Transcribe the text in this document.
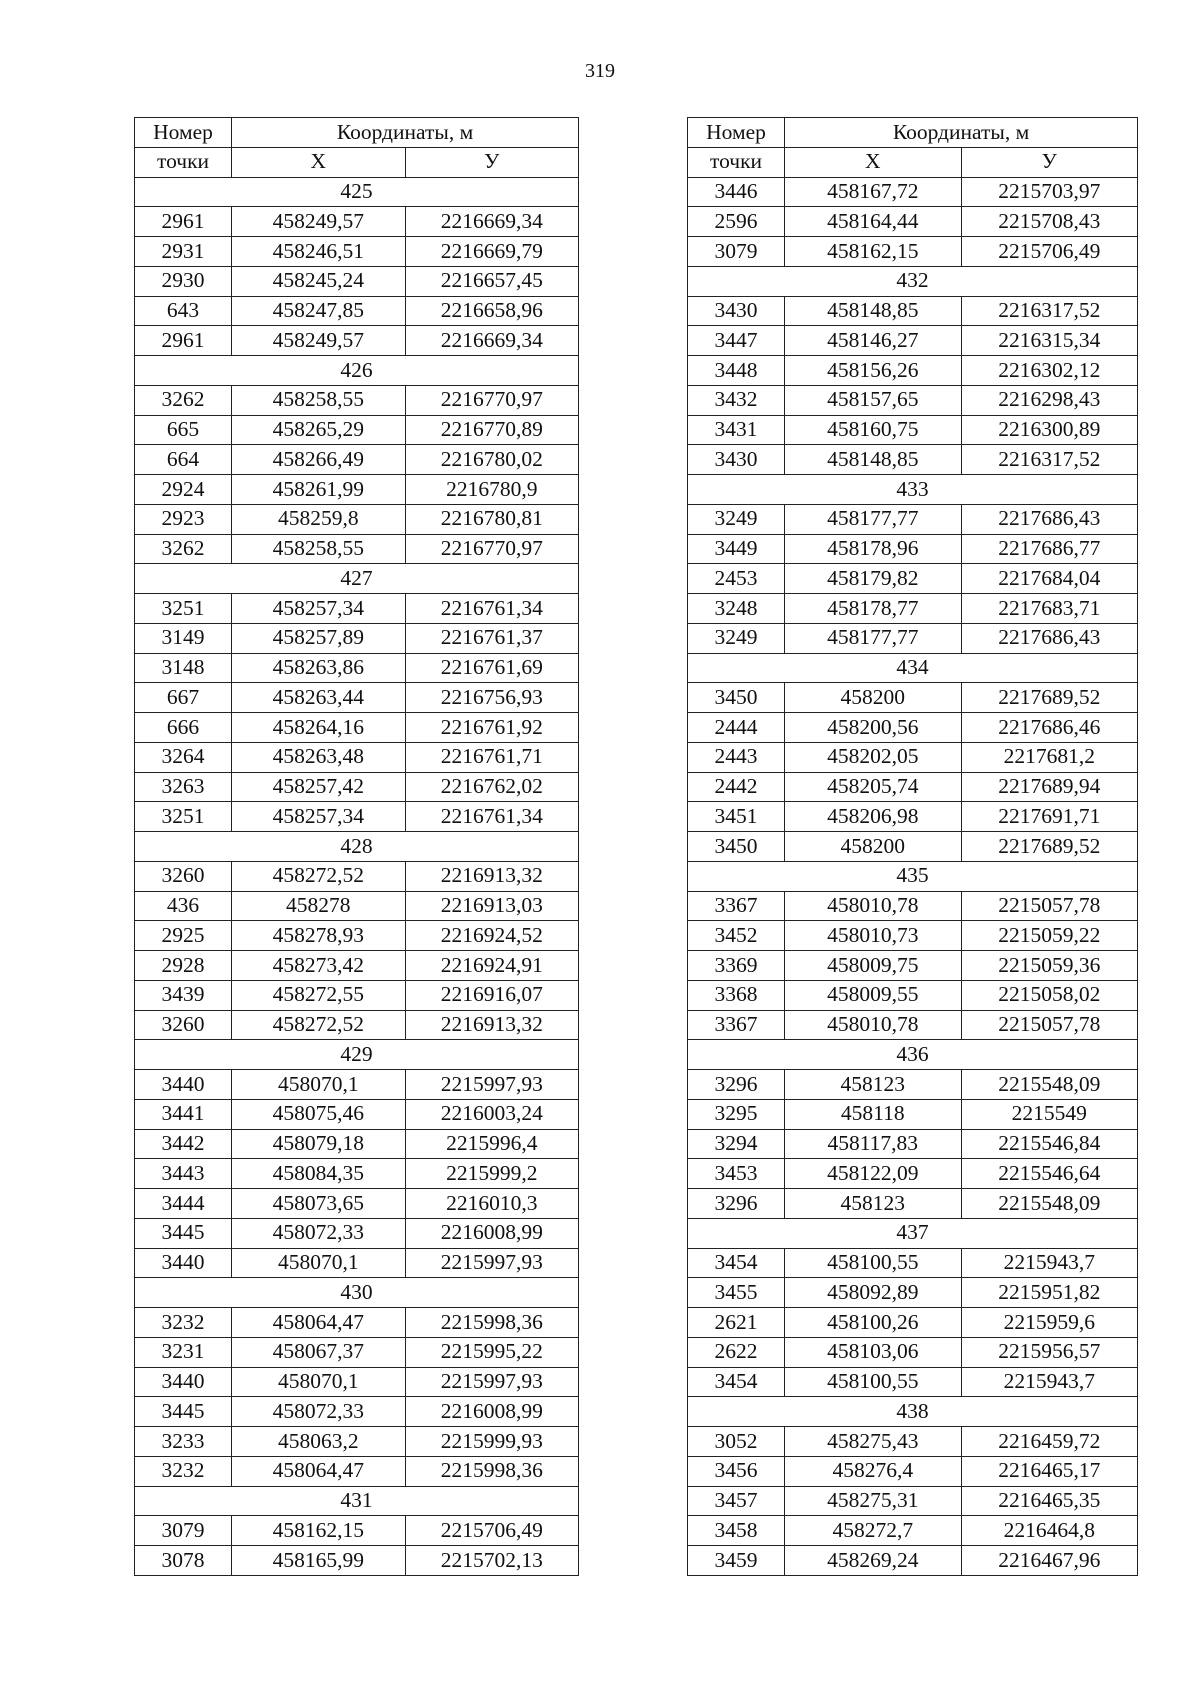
319
Номер	Координаты, м	
точки	X	У
425		
2961	458249,57	2216669,34
2931	458246,51	2216669,79
2930	458245,24	2216657,45
643	458247,85	2216658,96
2961	458249,57	2216669,34
426		
3262	458258,55	2216770,97
665	458265,29	2216770,89
664	458266,49	2216780,02
2924	458261,99	2216780,9
2923	458259,8	2216780,81
3262	458258,55	2216770,97
427		
3251	458257,34	2216761,34
3149	458257,89	2216761,37
3148	458263,86	2216761,69
667	458263,44	2216756,93
666	458264,16	2216761,92
3264	458263,48	2216761,71
3263	458257,42	2216762,02
3251	458257,34	2216761,34
428		
3260	458272,52	2216913,32
436	458278	2216913,03
2925	458278,93	2216924,52
2928	458273,42	2216924,91
3439	458272,55	2216916,07
3260	458272,52	2216913,32
429		
3440	458070,1	2215997,93
3441	458075,46	2216003,24
3442	458079,18	2215996,4
3443	458084,35	2215999,2
3444	458073,65	2216010,3
3445	458072,33	2216008,99
3440	458070,1	2215997,93
430		
3232	458064,47	2215998,36
3231	458067,37	2215995,22
3440	458070,1	2215997,93
3445	458072,33	2216008,99
3233	458063,2	2215999,93
3232	458064,47	2215998,36
431		
3079	458162,15	2215706,49
3078	458165,99	2215702,13
Номер	Координаты, м	
точки	X	У
3446	458167,72	2215703,97
2596	458164,44	2215708,43
3079	458162,15	2215706,49
432		
3430	458148,85	2216317,52
3447	458146,27	2216315,34
3448	458156,26	2216302,12
3432	458157,65	2216298,43
3431	458160,75	2216300,89
3430	458148,85	2216317,52
433		
3249	458177,77	2217686,43
3449	458178,96	2217686,77
2453	458179,82	2217684,04
3248	458178,77	2217683,71
3249	458177,77	2217686,43
434		
3450	458200	2217689,52
2444	458200,56	2217686,46
2443	458202,05	2217681,2
2442	458205,74	2217689,94
3451	458206,98	2217691,71
3450	458200	2217689,52
435		
3367	458010,78	2215057,78
3452	458010,73	2215059,22
3369	458009,75	2215059,36
3368	458009,55	2215058,02
3367	458010,78	2215057,78
436		
3296	458123	2215548,09
3295	458118	2215549
3294	458117,83	2215546,84
3453	458122,09	2215546,64
3296	458123	2215548,09
437		
3454	458100,55	2215943,7
3455	458092,89	2215951,82
2621	458100,26	2215959,6
2622	458103,06	2215956,57
3454	458100,55	2215943,7
438		
3052	458275,43	2216459,72
3456	458276,4	2216465,17
3457	458275,31	2216465,35
3458	458272,7	2216464,8
3459	458269,24	2216467,96
